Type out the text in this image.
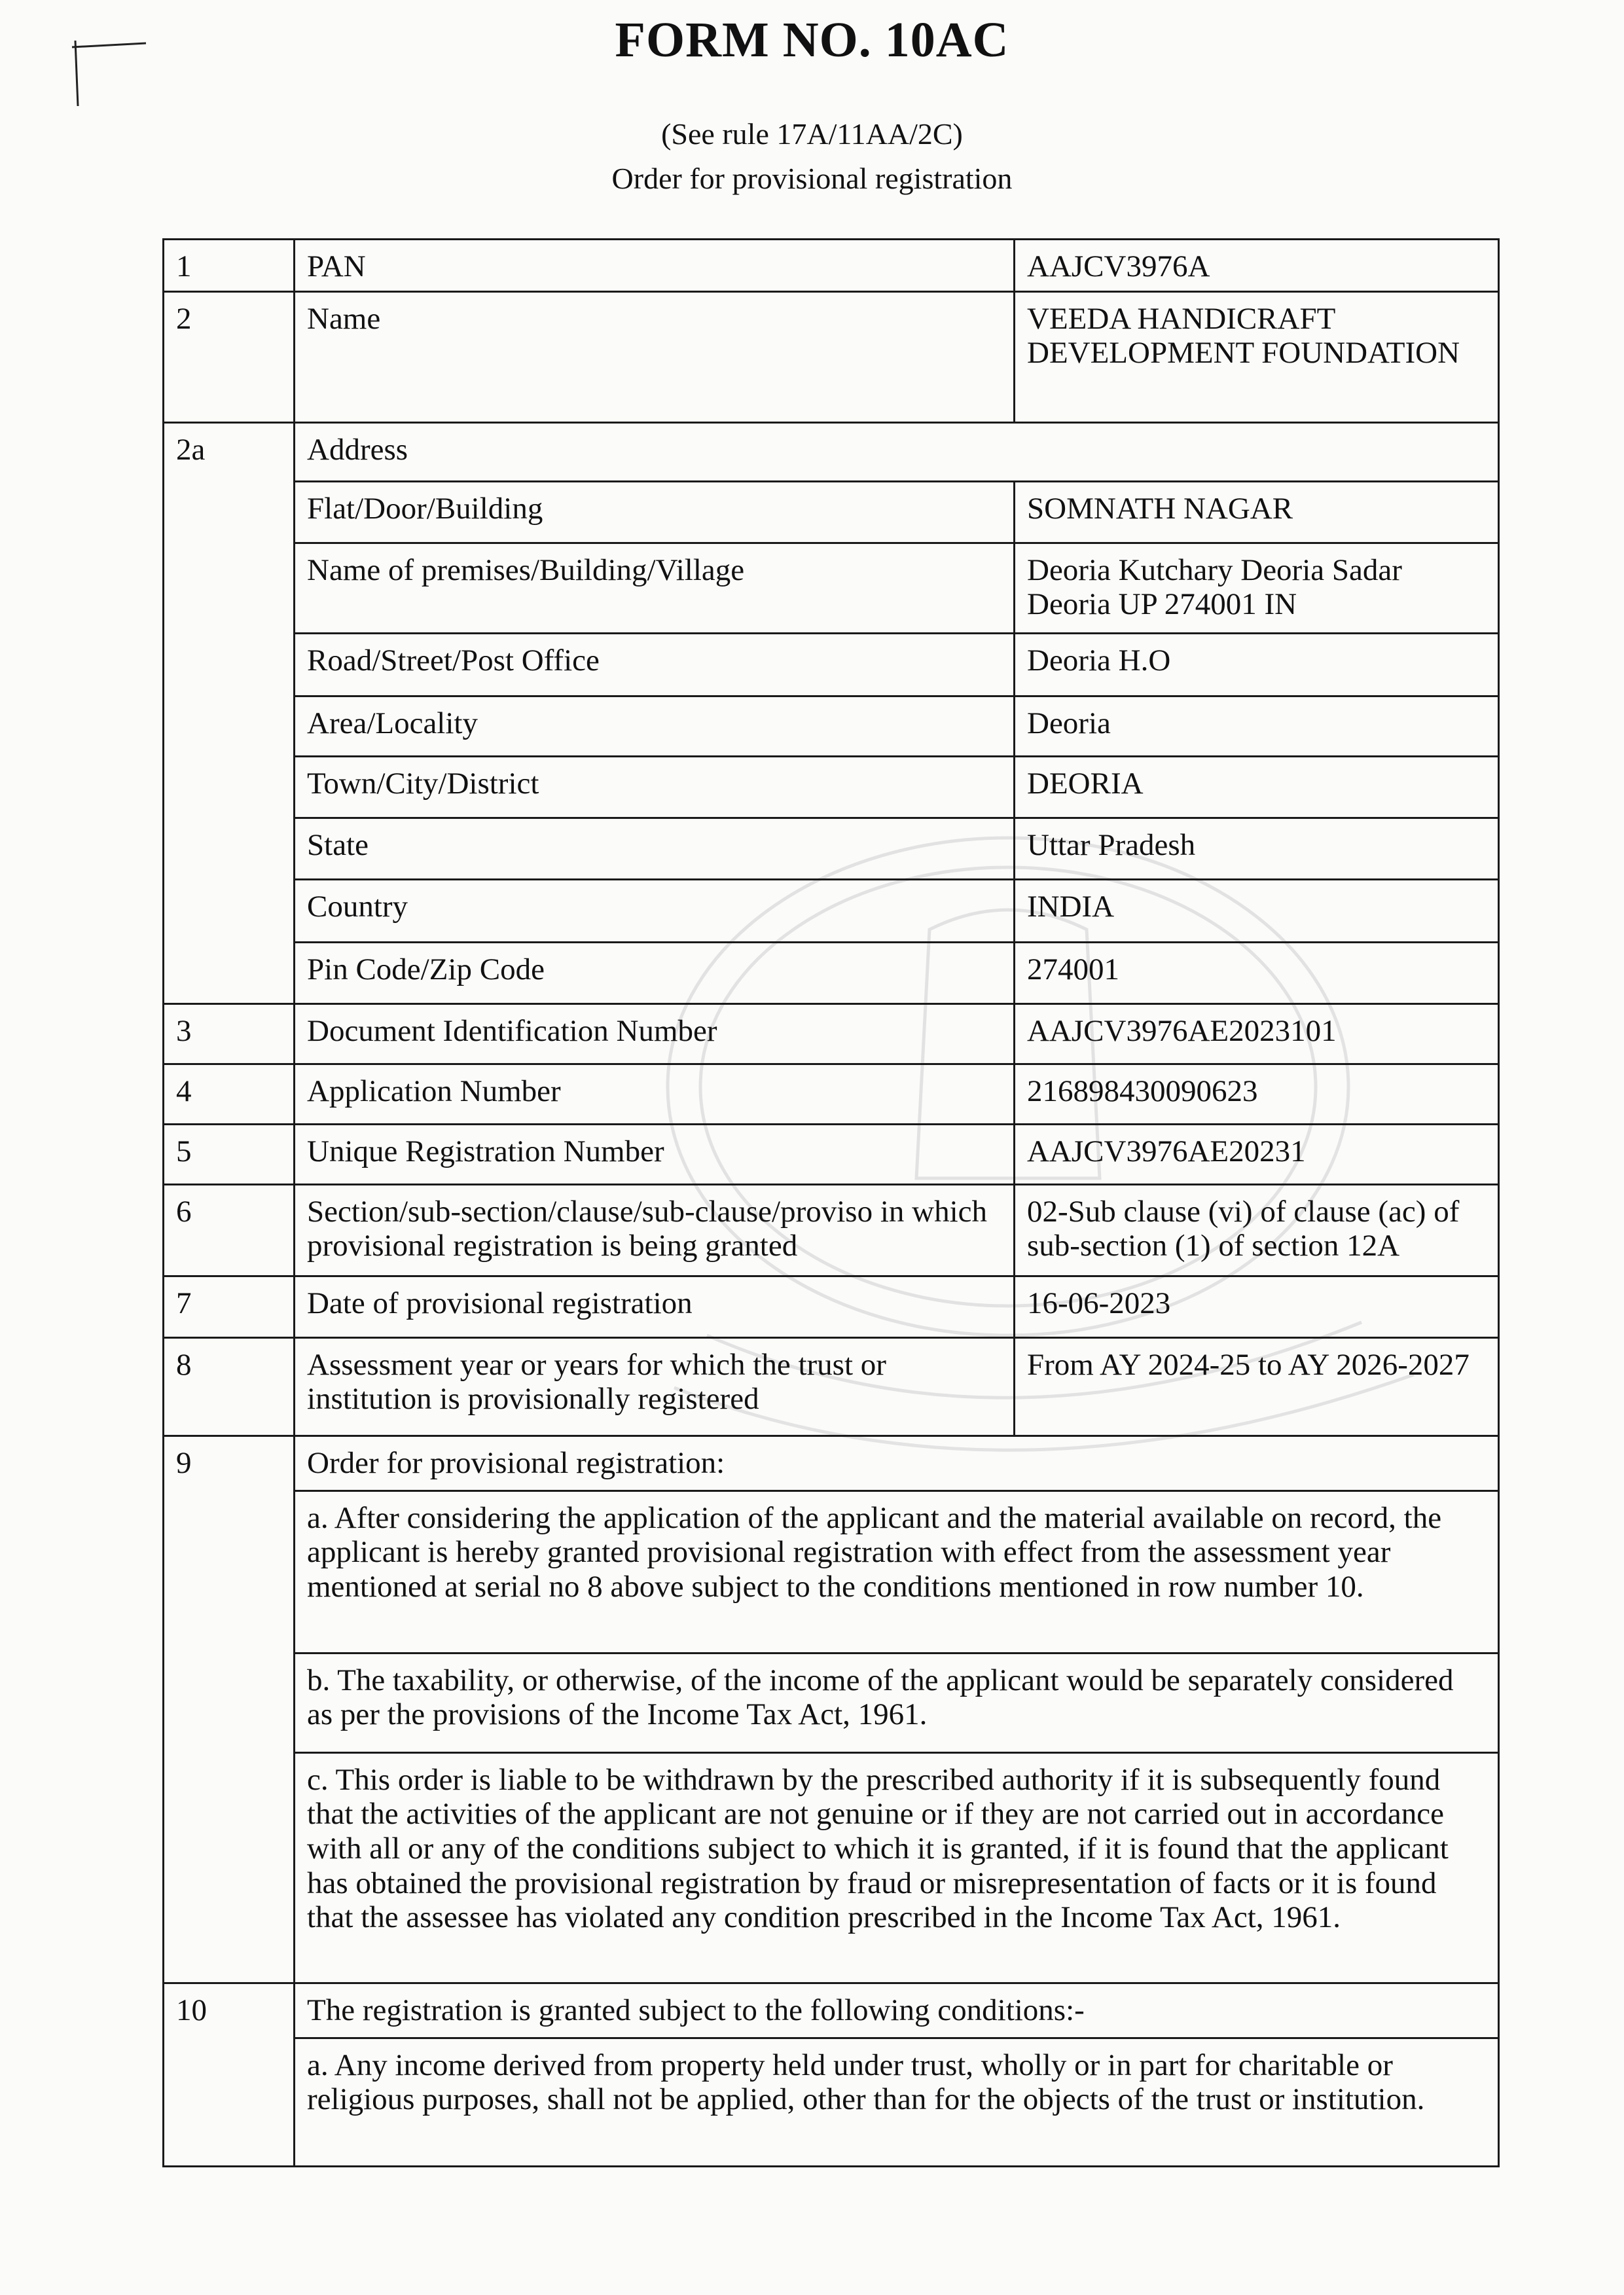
FORM NO. 10AC
(See rule 17A/11AA/2C)
Order for provisional registration
1	PAN	AAJCV3976A
2	Name	VEEDA HANDICRAFT DEVELOPMENT FOUNDATION
2a	Address	
	Flat/Door/Building	SOMNATH NAGAR
	Name of premises/Building/Village	Deoria Kutchary Deoria Sadar Deoria UP 274001 IN
	Road/Street/Post Office	Deoria H.O
	Area/Locality	Deoria
	Town/City/District	DEORIA
	State	Uttar Pradesh
	Country	INDIA
	Pin Code/Zip Code	274001
3	Document Identification Number	AAJCV3976AE2023101
4	Application Number	216898430090623
5	Unique Registration Number	AAJCV3976AE20231
6	Section/sub-section/clause/sub-clause/proviso in which provisional registration is being granted	02-Sub clause (vi) of clause (ac) of sub-section (1) of section 12A
7	Date of provisional registration	16-06-2023
8	Assessment year or years for which the trust or institution is provisionally registered	From AY 2024-25 to AY 2026-2027
9	Order for provisional registration:	
	a. After considering the application of the applicant and the material available on record, the applicant is hereby granted provisional registration with effect from the assessment year mentioned at serial no 8 above subject to the conditions mentioned in row number 10.	
	b. The taxability, or otherwise, of the income of the applicant would be separately considered as per the provisions of the Income Tax Act, 1961.	
	c. This order is liable to be withdrawn by the prescribed authority if it is subsequently found that the activities of the applicant are not genuine or if they are not carried out in accordance with all or any of the conditions subject to which it is granted, if it is found that the applicant has obtained the provisional registration by fraud or misrepresentation of facts or it is found that the assessee has violated any condition prescribed in the Income Tax Act, 1961.	
10	The registration is granted subject to the following conditions:-	
	a. Any income derived from property held under trust, wholly or in part for charitable or religious purposes, shall not be applied, other than for the objects of the trust or institution.	
